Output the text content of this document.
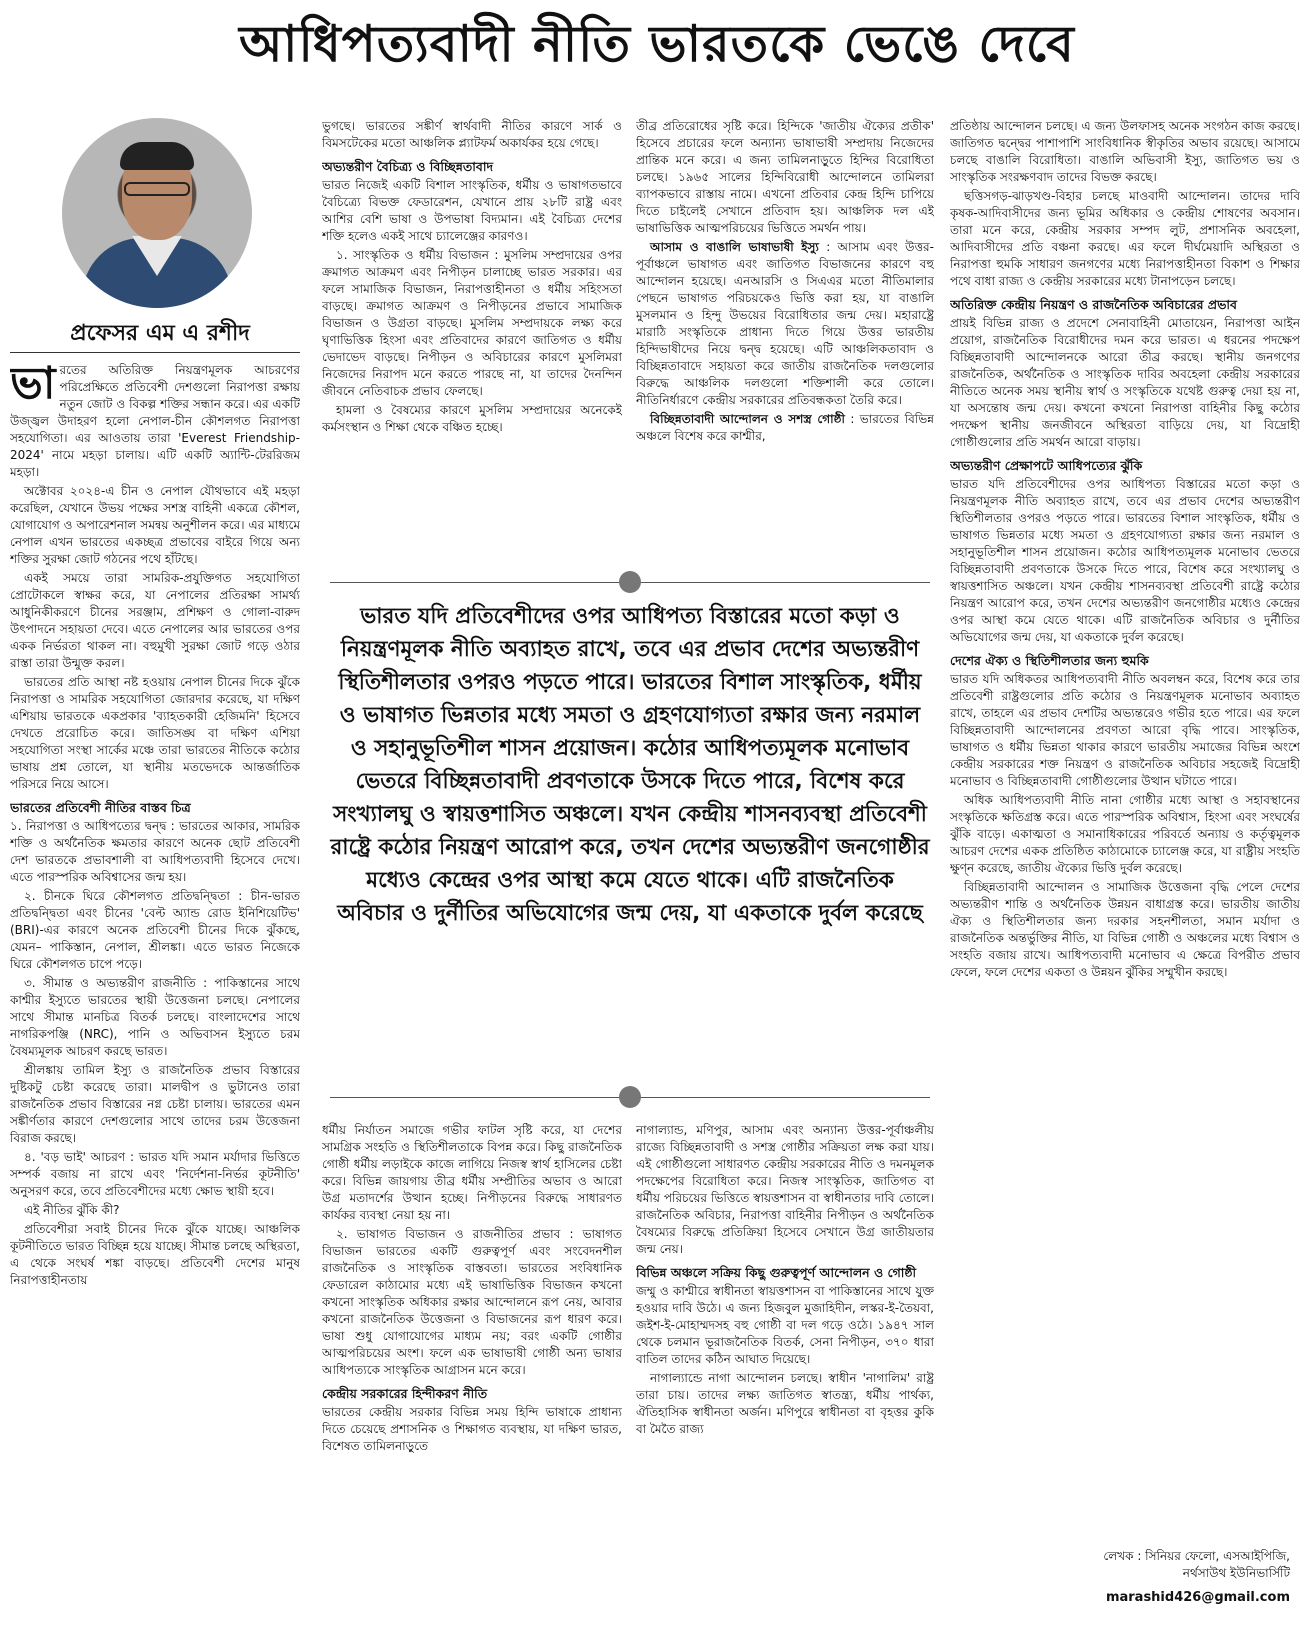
আধিপত্যবাদী নীতি ভারতকে ভেঙে দেবে
প্রফেসর এম এ রশীদ

ভারতের অতিরিক্ত নিয়ন্ত্রণমূলক আচরণের পরিপ্রেক্ষিতে প্রতিবেশী দেশগুলো নিরাপত্তা রক্ষায় নতুন জোট ও বিকল্প শক্তির সন্ধান করে। এর একটি উজ্জ্বল উদাহরণ হলো নেপাল-চীন কৌশলগত নিরাপত্তা সহযোগিতা। এর আওতায় তারা 'Everest Friendship-2024' নামে মহড়া চালায়। এটি একটি অ্যান্টি-টেররিজম মহড়া।

অক্টোবর ২০২৪-এ চীন ও নেপাল যৌথভাবে এই মহড়া করেছিল, যেখানে উভয় পক্ষের সশস্ত্র বাহিনী একত্রে কৌশল, যোগাযোগ ও অপারেশনাল সমন্বয় অনুশীলন করে। এর মাধ্যমে নেপাল এখন ভারতের একচ্ছত্র প্রভাবের বাইরে গিয়ে অন্য শক্তির সুরক্ষা জোট গঠনের পথে হাঁটছে।

একই সময়ে তারা সামরিক-প্রযুক্তিগত সহযোগিতা প্রোটোকলে স্বাক্ষর করে, যা নেপালের প্রতিরক্ষা সামর্থ্য আধুনিকীকরণে চীনের সরঞ্জাম, প্রশিক্ষণ ও গোলা-বারুদ উৎপাদনে সহায়তা দেবে। এতে নেপালের আর ভারতের ওপর একক নির্ভরতা থাকল না। বহুমুখী সুরক্ষা জোট গড়ে ওঠার রাস্তা তারা উন্মুক্ত করল।

ভারতের প্রতি আস্থা নষ্ট হওয়ায় নেপাল চীনের দিকে ঝুঁকে নিরাপত্তা ও সামরিক সহযোগিতা জোরদার করেছে, যা দক্ষিণ এশিয়ায় ভারতকে একপ্রকার 'ব্যাহতকারী হেজিমনি' হিসেবে দেখতে প্ররোচিত করে। জাতিসঙ্ঘ বা দক্ষিণ এশিয়া সহযোগিতা সংস্থা সার্কের মঞ্চে তারা ভারতের নীতিকে কঠোর ভাষায় প্রশ্ন তোলে, যা স্থানীয় মতভেদকে আন্তর্জাতিক পরিসরে নিয়ে আসে।

ভারতের প্রতিবেশী নীতির বাস্তব চিত্র

১. নিরাপত্তা ও আধিপত্যের দ্বন্দ্ব : ভারতের আকার, সামরিক শক্তি ও অর্থনৈতিক ক্ষমতার কারণে অনেক ছোট প্রতিবেশী দেশ ভারতকে প্রভাবশালী বা আধিপত্যবাদী হিসেবে দেখে। এতে পারস্পরিক অবিশ্বাসের জন্ম হয়।

২. চীনকে ঘিরে কৌশলগত প্রতিদ্বন্দ্বিতা : চীন-ভারত প্রতিদ্বন্দ্বিতা এবং চীনের 'বেল্ট অ্যান্ড রোড ইনিশিয়েটিভ' (BRI)-এর কারণে অনেক প্রতিবেশী চীনের দিকে ঝুঁকছে, যেমন– পাকিস্তান, নেপাল, শ্রীলঙ্কা। এতে ভারত নিজেকে ঘিরে কৌশলগত চাপে পড়ে।

৩. সীমান্ত ও অভ্যন্তরীণ রাজনীতি : পাকিস্তানের সাথে কাশ্মীর ইস্যুতে ভারতের স্থায়ী উত্তেজনা চলছে। নেপালের সাথে সীমান্ত মানচিত্র বিতর্ক চলছে। বাংলাদেশের সাথে নাগরিকপঞ্জি (NRC), পানি ও অভিবাসন ইস্যুতে চরম বৈষম্যমূলক আচরণ করছে ভারত।

শ্রীলঙ্কায় তামিল ইস্যু ও রাজনৈতিক প্রভাব বিস্তারের দুষ্টিকটু চেষ্টা করেছে তারা। মালদ্বীপ ও ভুটানেও তারা রাজনৈতিক প্রভাব বিস্তারের নগ্ন চেষ্টা চালায়। ভারতের এমন সঙ্কীর্ণতার কারণে দেশগুলোর সাথে তাদের চরম উত্তেজনা বিরাজ করছে।

৪. 'বড় ভাই' আচরণ : ভারত যদি সমান মর্যাদার ভিত্তিতে সম্পর্ক বজায় না রাখে এবং 'নির্দেশনা-নির্ভর কূটনীতি' অনুসরণ করে, তবে প্রতিবেশীদের মধ্যে ক্ষোভ স্থায়ী হবে।

এই নীতির ঝুঁকি কী?

প্রতিবেশীরা সবাই চীনের দিকে ঝুঁকে যাচ্ছে। আঞ্চলিক কূটনীতিতে ভারত বিচ্ছিন্ন হয়ে যাচ্ছে। সীমান্ত চলছে অস্থিরতা, এ থেকে সংঘর্ষ শঙ্কা বাড়ছে। প্রতিবেশী দেশের মানুষ নিরাপত্তাহীনতায়

ভুগছে। ভারতের সঙ্কীর্ণ স্বার্থবাদী নীতির কারণে সার্ক ও বিমসটেকের মতো আঞ্চলিক প্ল্যাটফর্ম অকার্যকর হয়ে গেছে।

অভ্যন্তরীণ বৈচিত্র্য ও বিচ্ছিন্নতাবাদ

ভারত নিজেই একটি বিশাল সাংস্কৃতিক, ধর্মীয় ও ভাষাগতভাবে বৈচিত্র্যে বিভক্ত ফেডারেশন, যেখানে প্রায় ২৮টি রাষ্ট্র এবং আশির বেশি ভাষা ও উপভাষা বিদ্যমান। এই বৈচিত্র্য দেশের শক্তি হলেও একই সাথে চ্যালেঞ্জের কারণও।

১. সাংস্কৃতিক ও ধর্মীয় বিভাজন : মুসলিম সম্প্রদায়ের ওপর ক্রমাগত আক্রমণ এবং নিপীড়ন চালাচ্ছে ভারত সরকার। এর ফলে সামাজিক বিভাজন, নিরাপত্তাহীনতা ও ধর্মীয় সহিংসতা বাড়ছে। ক্রমাগত আক্রমণ ও নিপীড়নের প্রভাবে সামাজিক বিভাজন ও উগ্রতা বাড়ছে। মুসলিম সম্প্রদায়কে লক্ষ্য করে ঘৃণাভিত্তিক হিংসা এবং প্রতিবাদের কারণে জাতিগত ও ধর্মীয় ভেদাভেদ বাড়ছে। নিপীড়ন ও অবিচারের কারণে মুসলিমরা নিজেদের নিরাপদ মনে করতে পারছে না, যা তাদের দৈনন্দিন জীবনে নেতিবাচক প্রভাব ফেলছে।

হামলা ও বৈষম্যের কারণে মুসলিম সম্প্রদায়ের অনেকেই কর্মসংস্থান ও শিক্ষা থেকে বঞ্চিত হচ্ছে।

তীব্র প্রতিরোধের সৃষ্টি করে। হিন্দিকে 'জাতীয় ঐক্যের প্রতীক' হিসেবে প্রচারের ফলে অন্যান্য ভাষাভাষী সম্প্রদায় নিজেদের প্রান্তিক মনে করে। এ জন্য তামিলনাড়ুতে হিন্দির বিরোধিতা চলছে। ১৯৬৫ সালের হিন্দিবিরোধী আন্দোলনে তামিলরা ব্যাপকভাবে রাস্তায় নামে। এখনো প্রতিবার কেন্দ্র হিন্দি চাপিয়ে দিতে চাইলেই সেখানে প্রতিবাদ হয়। আঞ্চলিক দল এই ভাষাভিত্তিক আত্মপরিচয়ের ভিত্তিতে সমর্থন পায়।

আসাম ও বাঙালি ভাষাভাষী ইস্যু : আসাম এবং উত্তর-পূর্বাঞ্চলে ভাষাগত এবং জাতিগত বিভাজনের কারণে বহু আন্দোলন হয়েছে। এনআরসি ও সিএএর মতো নীতিমালার পেছনে ভাষাগত পরিচয়কেও ভিত্তি করা হয়, যা বাঙালি মুসলমান ও হিন্দু উভয়ের বিরোধিতার জন্ম দেয়। মহারাষ্ট্রে মারাঠি সংস্কৃতিকে প্রাধান্য দিতে গিয়ে উত্তর ভারতীয় হিন্দিভাষীদের নিয়ে দ্বন্দ্ব হয়েছে। এটি আঞ্চলিকতাবাদ ও বিচ্ছিন্নতাবাদে সহায়তা করে জাতীয় রাজনৈতিক দলগুলোর বিরুদ্ধে আঞ্চলিক দলগুলো শক্তিশালী করে তোলে। নীতিনির্ধারণে কেন্দ্রীয় সরকারের প্রতিবন্ধকতা তৈরি করে।

বিচ্ছিন্নতাবাদী আন্দোলন ও সশস্ত্র গোষ্ঠী : ভারতের বিভিন্ন অঞ্চলে বিশেষ করে কাশ্মীর,

ভারত যদি প্রতিবেশীদের ওপর আধিপত্য বিস্তারের মতো কড়া ও নিয়ন্ত্রণমূলক নীতি অব্যাহত রাখে, তবে এর প্রভাব দেশের অভ্যন্তরীণ স্থিতিশীলতার ওপরও পড়তে পারে। ভারতের বিশাল সাংস্কৃতিক, ধর্মীয় ও ভাষাগত ভিন্নতার মধ্যে সমতা ও গ্রহণযোগ্যতা রক্ষার জন্য নরমাল ও সহানুভূতিশীল শাসন প্রয়োজন। কঠোর আধিপত্যমূলক মনোভাব ভেতরে বিচ্ছিন্নতাবাদী প্রবণতাকে উসকে দিতে পারে, বিশেষ করে সংখ্যালঘু ও স্বায়ত্তশাসিত অঞ্চলে। যখন কেন্দ্রীয় শাসনব্যবস্থা প্রতিবেশী রাষ্ট্রে কঠোর নিয়ন্ত্রণ আরোপ করে, তখন দেশের অভ্যন্তরীণ জনগোষ্ঠীর মধ্যেও কেন্দ্রের ওপর আস্থা কমে যেতে থাকে। এটি রাজনৈতিক অবিচার ও দুর্নীতির অভিযোগের জন্ম দেয়, যা একতাকে দুর্বল করেছে

ধর্মীয় নির্যাতন সমাজে গভীর ফাটল সৃষ্টি করে, যা দেশের সামগ্রিক সংহতি ও স্থিতিশীলতাকে বিপন্ন করে। কিছু রাজনৈতিক গোষ্ঠী ধর্মীয় লড়াইকে কাজে লাগিয়ে নিজস্ব স্বার্থ হাসিলের চেষ্টা করে। বিভিন্ন জায়গায় তীব্র ধর্মীয় সম্প্রীতির অভাব ও আরো উগ্র মতাদর্শের উত্থান হচ্ছে। নিপীড়নের বিরুদ্ধে সাধারণত কার্যকর ব্যবস্থা নেয়া হয় না।

২. ভাষাগত বিভাজন ও রাজনীতির প্রভাব : ভাষাগত বিভাজন ভারতের একটি গুরুত্বপূর্ণ এবং সংবেদনশীল রাজনৈতিক ও সাংস্কৃতিক বাস্তবতা। ভারতের সংবিধানিক ফেডারেল কাঠামোর মধ্যে এই ভাষাভিত্তিক বিভাজন কখনো কখনো সাংস্কৃতিক অধিকার রক্ষার আন্দোলনে রূপ নেয়, আবার কখনো রাজনৈতিক উত্তেজনা ও বিভাজনের রূপ ধারণ করে। ভাষা শুধু যোগাযোগের মাধ্যম নয়; বরং একটি গোষ্ঠীর আত্মপরিচয়ের অংশ। ফলে এক ভাষাভাষী গোষ্ঠী অন্য ভাষার আধিপত্যকে সাংস্কৃতিক আগ্রাসন মনে করে।

কেন্দ্রীয় সরকারের হিন্দীকরণ নীতি

ভারতের কেন্দ্রীয় সরকার বিভিন্ন সময় হিন্দি ভাষাকে প্রাধান্য দিতে চেয়েছে প্রশাসনিক ও শিক্ষাগত ব্যবস্থায়, যা দক্ষিণ ভারত, বিশেষত তামিলনাড়ুতে

নাগাল্যান্ড, মণিপুর, আসাম এবং অন্যান্য উত্তর-পূর্বাঞ্চলীয় রাজ্যে বিচ্ছিন্নতাবাদী ও সশস্ত্র গোষ্ঠীর সক্রিয়তা লক্ষ করা যায়। এই গোষ্ঠীগুলো সাধারণত কেন্দ্রীয় সরকারের নীতি ও দমনমূলক পদক্ষেপের বিরোধিতা করে। নিজস্ব সাংস্কৃতিক, জাতিগত বা ধর্মীয় পরিচয়ের ভিত্তিতে স্বায়ত্তশাসন বা স্বাধীনতার দাবি তোলে। রাজনৈতিক অবিচার, নিরাপত্তা বাহিনীর নিপীড়ন ও অর্থনৈতিক বৈষম্যের বিরুদ্ধে প্রতিক্রিয়া হিসেবে সেখানে উগ্র জাতীয়তার জন্ম নেয়।

বিভিন্ন অঞ্চলে সক্রিয় কিছু গুরুত্বপূর্ণ আন্দোলন ও গোষ্ঠী

জম্মু ও কাশ্মীরে স্বাধীনতা স্বায়ত্তশাসন বা পাকিস্তানের সাথে যুক্ত হওয়ার দাবি উঠে। এ জন্য হিজবুল মুজাহিদীন, লস্কর-ই-তৈয়বা, জইশ-ই-মোহাম্মদসহ বহু গোষ্ঠী বা দল গড়ে ওঠে। ১৯৪৭ সাল থেকে চলমান ভূরাজনৈতিক বিতর্ক, সেনা নিপীড়ন, ৩৭০ ধারা বাতিল তাদের কঠিন আঘাত দিয়েছে।

নাগাল্যান্ডে নাগা আন্দোলন চলছে। স্বাধীন 'নাগালিম' রাষ্ট্র তারা চায়। তাদের লক্ষ্য জাতিগত স্বাতন্ত্র্য, ধর্মীয় পার্থক্য, ঐতিহাসিক স্বাধীনতা অর্জন। মণিপুরে স্বাধীনতা বা বৃহত্তর কুকি বা মৈতৈ রাজ্য

প্রতিষ্ঠায় আন্দোলন চলছে। এ জন্য উলফাসহ অনেক সংগঠন কাজ করছে। জাতিগত দ্বন্দ্বের পাশাপাশি সাংবিধানিক স্বীকৃতির অভাব রয়েছে। আসামে চলছে বাঙালি বিরোধিতা। বাঙালি অভিবাসী ইস্যু, জাতিগত ভয় ও সাংস্কৃতিক সংরক্ষণবাদ তাদের বিভক্ত করছে।

ছত্তিসগড়-ঝাড়খণ্ড-বিহার চলছে মাওবাদী আন্দোলন। তাদের দাবি কৃষক-আদিবাসীদের জন্য ভূমির অধিকার ও কেন্দ্রীয় শোষণের অবসান। তারা মনে করে, কেন্দ্রীয় সরকার সম্পদ লুট, প্রশাসনিক অবহেলা, আদিবাসীদের প্রতি বঞ্চনা করছে। এর ফলে দীর্ঘমেয়াদি অস্থিরতা ও নিরাপত্তা হুমকি সাধারণ জনগণের মধ্যে নিরাপত্তাহীনতা বিকাশ ও শিক্ষার পথে বাধা রাজ্য ও কেন্দ্রীয় সরকারের মধ্যে টানাপড়েন চলছে।

অতিরিক্ত কেন্দ্রীয় নিয়ন্ত্রণ ও রাজনৈতিক অবিচারের প্রভাব

প্রায়ই বিভিন্ন রাজ্য ও প্রদেশে সেনাবাহিনী মোতায়েন, নিরাপত্তা আইন প্রয়োগ, রাজনৈতিক বিরোধীদের দমন করে ভারত। এ ধরনের পদক্ষেপ বিচ্ছিন্নতাবাদী আন্দোলনকে আরো তীব্র করছে। স্থানীয় জনগণের রাজনৈতিক, অর্থনৈতিক ও সাংস্কৃতিক দাবির অবহেলা কেন্দ্রীয় সরকারের নীতিতে অনেক সময় স্থানীয় স্বার্থ ও সংস্কৃতিকে যথেষ্ট গুরুত্ব দেয়া হয় না, যা অসন্তোষ জন্ম দেয়। কখনো কখনো নিরাপত্তা বাহিনীর কিছু কঠোর পদক্ষেপ স্থানীয় জনজীবনে অস্থিরতা বাড়িয়ে দেয়, যা বিদ্রোহী গোষ্ঠীগুলোর প্রতি সমর্থন আরো বাড়ায়।

অভ্যন্তরীণ প্রেক্ষাপটে আধিপত্যের ঝুঁকি

ভারত যদি প্রতিবেশীদের ওপর আধিপত্য বিস্তারের মতো কড়া ও নিয়ন্ত্রণমূলক নীতি অব্যাহত রাখে, তবে এর প্রভাব দেশের অভ্যন্তরীণ স্থিতিশীলতার ওপরও পড়তে পারে। ভারতের বিশাল সাংস্কৃতিক, ধর্মীয় ও ভাষাগত ভিন্নতার মধ্যে সমতা ও গ্রহণযোগ্যতা রক্ষার জন্য নরমাল ও সহানুভূতিশীল শাসন প্রয়োজন। কঠোর আধিপত্যমূলক মনোভাব ভেতরে বিচ্ছিন্নতাবাদী প্রবণতাকে উসকে দিতে পারে, বিশেষ করে সংখ্যালঘু ও স্বায়ত্তশাসিত অঞ্চলে। যখন কেন্দ্রীয় শাসনব্যবস্থা প্রতিবেশী রাষ্ট্রে কঠোর নিয়ন্ত্রণ আরোপ করে, তখন দেশের অভ্যন্তরীণ জনগোষ্ঠীর মধ্যেও কেন্দ্রের ওপর আস্থা কমে যেতে থাকে। এটি রাজনৈতিক অবিচার ও দুর্নীতির অভিযোগের জন্ম দেয়, যা একতাকে দুর্বল করেছে।

দেশের ঐক্য ও স্থিতিশীলতার জন্য হুমকি

ভারত যদি অধিকতর আধিপত্যবাদী নীতি অবলম্বন করে, বিশেষ করে তার প্রতিবেশী রাষ্ট্রগুলোর প্রতি কঠোর ও নিয়ন্ত্রণমূলক মনোভাব অব্যাহত রাখে, তাহলে এর প্রভাব দেশটির অভ্যন্তরেও গভীর হতে পারে। এর ফলে বিচ্ছিন্নতাবাদী আন্দোলনের প্রবণতা আরো বৃদ্ধি পাবে। সাংস্কৃতিক, ভাষাগত ও ধর্মীয় ভিন্নতা থাকার কারণে ভারতীয় সমাজের বিভিন্ন অংশে কেন্দ্রীয় সরকারের শক্ত নিয়ন্ত্রণ ও রাজনৈতিক অবিচার সহজেই বিদ্রোহী মনোভাব ও বিচ্ছিন্নতাবাদী গোষ্ঠীগুলোর উত্থান ঘটাতে পারে।

অধিক আধিপত্যবাদী নীতি নানা গোষ্ঠীর মধ্যে আস্থা ও সহাবস্থানের সংস্কৃতিকে ক্ষতিগ্রস্ত করে। এতে পারস্পরিক অবিশ্বাস, হিংসা এবং সংঘর্ষের ঝুঁকি বাড়ে। একাত্মতা ও সমানাধিকারের পরিবর্তে অন্যায় ও কর্তৃত্বমূলক আচরণ দেশের একক প্রতিষ্ঠিত কাঠামোকে চ্যালেঞ্জ করে, যা রাষ্ট্রীয় সংহতি ক্ষুণ্ন করেছে, জাতীয় ঐক্যের ভিত্তি দুর্বল করেছে।

বিচ্ছিন্নতাবাদী আন্দোলন ও সামাজিক উত্তেজনা বৃদ্ধি পেলে দেশের অভ্যন্তরীণ শান্তি ও অর্থনৈতিক উন্নয়ন বাধাগ্রস্ত করে। ভারতীয় জাতীয় ঐক্য ও স্থিতিশীলতার জন্য দরকার সহনশীলতা, সমান মর্যাদা ও রাজনৈতিক অন্তর্ভুক্তির নীতি, যা বিভিন্ন গোষ্ঠী ও অঞ্চলের মধ্যে বিশ্বাস ও সংহতি বজায় রাখে। আধিপত্যবাদী মনোভাব এ ক্ষেত্রে বিপরীত প্রভাব ফেলে, ফলে দেশের একতা ও উন্নয়ন ঝুঁকির সম্মুখীন করছে।

লেখক : সিনিয়র ফেলো, এসআইপিজি,
নর্থসাউথ ইউনিভার্সিটি
marashid426@gmail.com
